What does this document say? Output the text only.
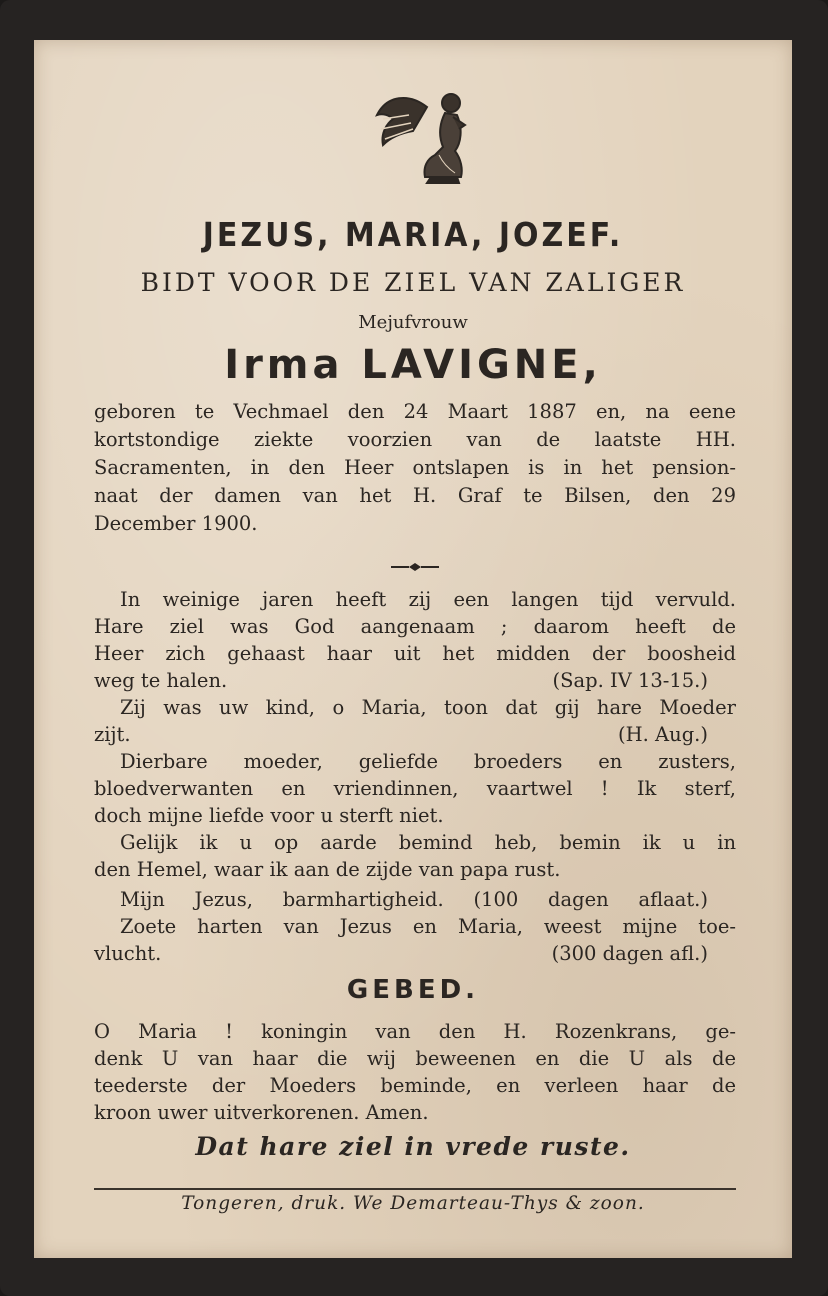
JEZUS, MARIA, JOZEF.
BIDT VOOR DE ZIEL VAN ZALIGER
Mejufvrouw
Irma LAVIGNE,
geboren te Vechmael den 24 Maart 1887 en, na eene
kortstondige ziekte voorzien van de laatste HH.
Sacramenten, in den Heer ontslapen is in het pension-
naat der damen van het H. Graf te Bilsen, den 29
December 1900.
In weinige jaren heeft zij een langen tijd vervuld.
Hare ziel was God aangenaam ; daarom heeft de
Heer zich gehaast haar uit het midden der boosheid
weg te halen.	(Sap. IV 13-15.)
Zij was uw kind, o Maria, toon dat gij hare Moeder
zijt.	(H. Aug.)
Dierbare moeder, geliefde broeders en zusters,
bloedverwanten en vriendinnen, vaartwel ! Ik sterf,
doch mijne liefde voor u sterft niet.
Gelijk ik u op aarde bemind heb, bemin ik u in
den Hemel, waar ik aan de zijde van papa rust.
Mijn Jezus, barmhartigheid. (100 dagen aflaat.)
Zoete harten van Jezus en Maria, weest mijne toe-
vlucht.	(300 dagen afl.)
GEBED.
O Maria ! koningin van den H. Rozenkrans, ge-
denk U van haar die wij beweenen en die U als de
teederste der Moeders beminde, en verleen haar de
kroon uwer uitverkorenen. Amen.
Dat hare ziel in vrede ruste.
Tongeren, druk. We Demarteau-Thys & zoon.
